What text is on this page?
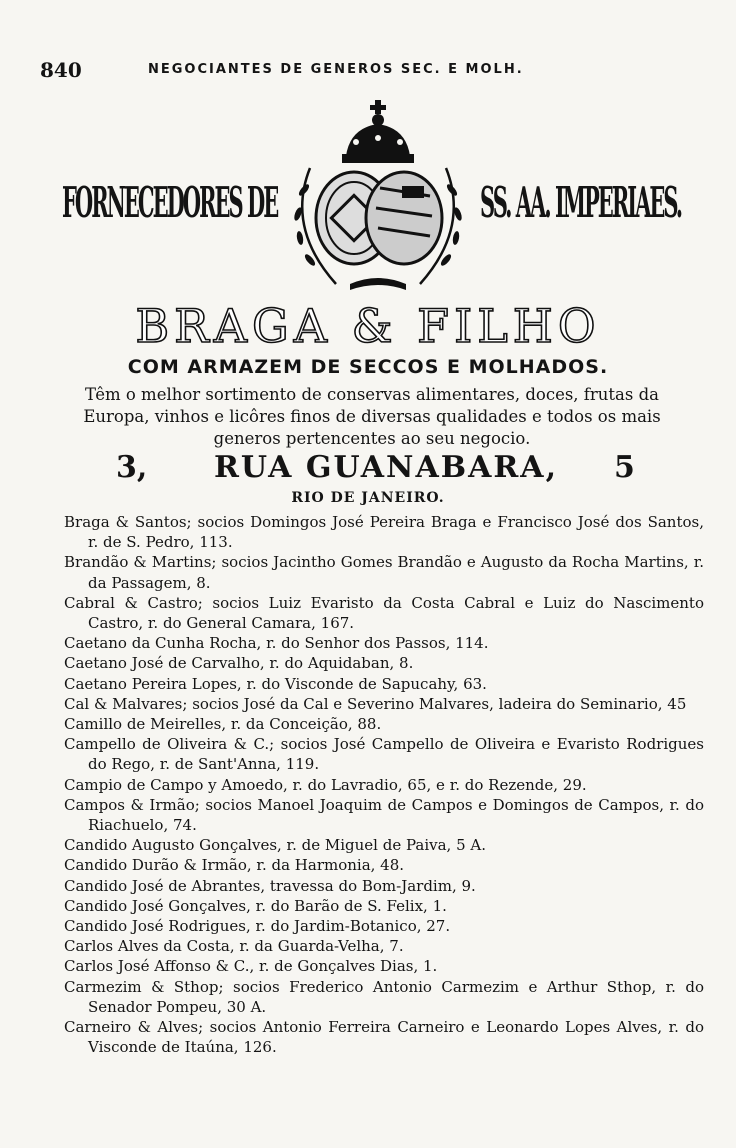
840	NEGOCIANTES DE GENEROS SEC. E MOLH.
FORNECEDORES DE	SS. AA. IMPERIAES.
BRAGA & FILHO
COM ARMAZEM DE SECCOS E MOLHADOS.
Têm o melhor sortimento de conservas alimentares, doces, frutas da Europa, vinhos e licôres finos de diversas qualidades e todos os mais generos pertencentes ao seu negocio.
3, RUA GUANABARA, 5
RIO DE JANEIRO.

Braga & Santos; socios Domingos José Pereira Braga e Francisco José dos Santos, r. de S. Pedro, 113.

Brandão & Martins; socios Jacintho Gomes Brandão e Augusto da Rocha Martins, r. da Passagem, 8.

Cabral & Castro; socios Luiz Evaristo da Costa Cabral e Luiz do Nascimento Castro, r. do General Camara, 167.

Caetano da Cunha Rocha, r. do Senhor dos Passos, 114.

Caetano José de Carvalho, r. do Aquidaban, 8.

Caetano Pereira Lopes, r. do Visconde de Sapucahy, 63.

Cal & Malvares; socios José da Cal e Severino Malvares, ladeira do Seminario, 45

Camillo de Meirelles, r. da Conceição, 88.

Campello de Oliveira & C.; socios José Campello de Oliveira e Evaristo Rodrigues do Rego, r. de Sant'Anna, 119.

Campio de Campo y Amoedo, r. do Lavradio, 65, e r. do Rezende, 29.

Campos & Irmão; socios Manoel Joaquim de Campos e Domingos de Campos, r. do Riachuelo, 74.

Candido Augusto Gonçalves, r. de Miguel de Paiva, 5 A.

Candido Durão & Irmão, r. da Harmonia, 48.

Candido José de Abrantes, travessa do Bom-Jardim, 9.

Candido José Gonçalves, r. do Barão de S. Felix, 1.

Candido José Rodrigues, r. do Jardim-Botanico, 27.

Carlos Alves da Costa, r. da Guarda-Velha, 7.

Carlos José Affonso & C., r. de Gonçalves Dias, 1.

Carmezim & Sthop; socios Frederico Antonio Carmezim e Arthur Sthop, r. do Senador Pompeu, 30 A.

Carneiro & Alves; socios Antonio Ferreira Carneiro e Leonardo Lopes Alves, r. do Visconde de Itaúna, 126.
